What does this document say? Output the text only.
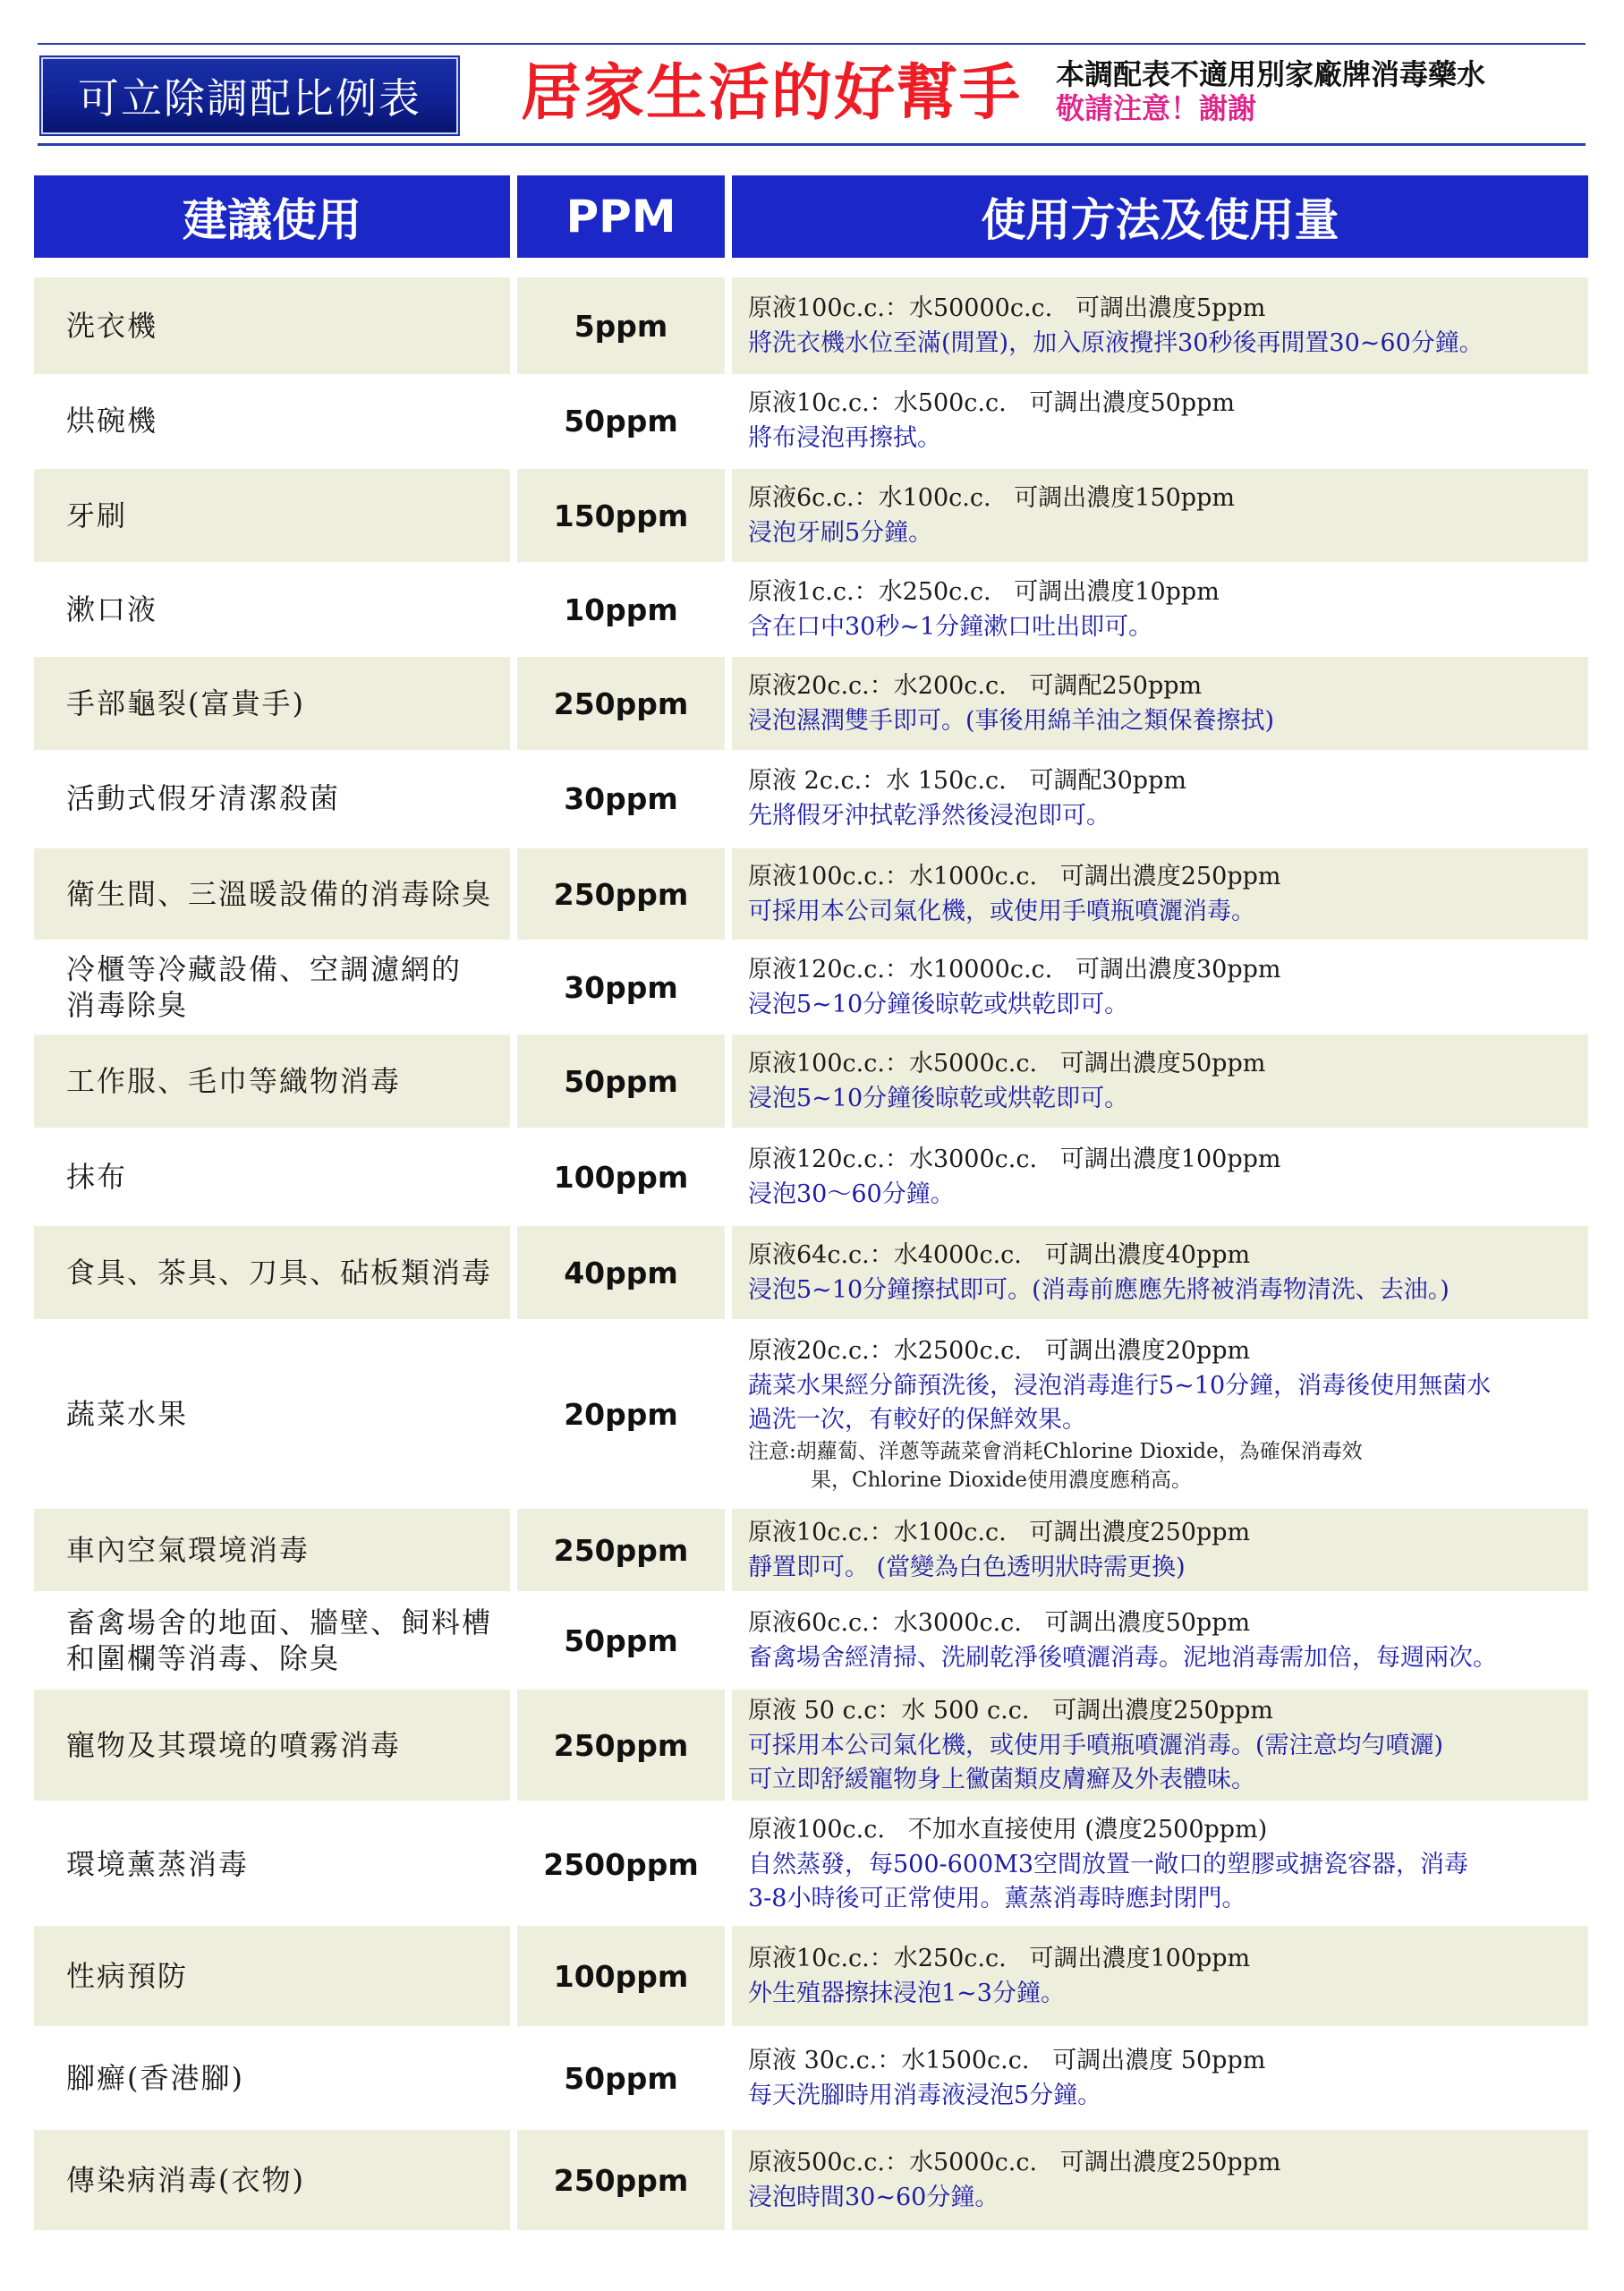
可立除調配比例表	居家生活的好幫手 本調配表不適用別家廠牌消毒藥水
敬請注意！謝謝
建議使用	PPM	使用方法及使用量
洗衣機	5ppm	原液100c.c.：水50000c.c.   可調出濃度5ppm
將洗衣機水位至滿(閒置)，加入原液攪拌30秒後再閒置30~60分鐘。
烘碗機	50ppm	原液10c.c.：水500c.c.   可調出濃度50ppm
將布浸泡再擦拭。
牙刷	150ppm	原液6c.c.：水100c.c.   可調出濃度150ppm
浸泡牙刷5分鐘。
漱口液	10ppm	原液1c.c.：水250c.c.   可調出濃度10ppm
含在口中30秒~1分鐘漱口吐出即可。
手部龜裂(富貴手)	250ppm	原液20c.c.：水200c.c.   可調配250ppm
浸泡濕潤雙手即可。(事後用綿羊油之類保養擦拭)
活動式假牙清潔殺菌	30ppm	原液 2c.c.：水 150c.c.   可調配30ppm
先將假牙沖拭乾淨然後浸泡即可。
衛生間、三溫暖設備的消毒除臭	250ppm	原液100c.c.：水1000c.c.   可調出濃度250ppm
可採用本公司氣化機，或使用手噴瓶噴灑消毒。
冷櫃等冷藏設備、空調濾網的
消毒除臭
30ppm	原液120c.c.：水10000c.c.   可調出濃度30ppm
浸泡5~10分鐘後晾乾或烘乾即可。
工作服、毛巾等織物消毒	50ppm	原液100c.c.：水5000c.c.   可調出濃度50ppm
浸泡5~10分鐘後晾乾或烘乾即可。
抹布	100ppm	原液120c.c.：水3000c.c.   可調出濃度100ppm
浸泡30～60分鐘。
食具、茶具、刀具、砧板類消毒	40ppm	原液64c.c.：水4000c.c.   可調出濃度40ppm
浸泡5~10分鐘擦拭即可。(消毒前應應先將被消毒物清洗、去油。)
蔬菜水果	20ppm
原液20c.c.：水2500c.c.   可調出濃度20ppm
蔬菜水果經分篩預洗後，浸泡消毒進行5~10分鐘，消毒後使用無菌水
過洗一次，有較好的保鮮效果。
注意:胡蘿蔔、洋蔥等蔬菜會消耗Chlorine Dioxide，為確保消毒效
果，Chlorine Dioxide使用濃度應稍高。
車內空氣環境消毒	250ppm	原液10c.c.：水100c.c.   可調出濃度250ppm
靜置即可。 (當變為白色透明狀時需更換)
畜禽場舍的地面、牆壁、飼料槽
和圍欄等消毒、除臭
50ppm	原液60c.c.：水3000c.c.   可調出濃度50ppm
畜禽場舍經清掃、洗刷乾淨後噴灑消毒。泥地消毒需加倍，每週兩次。
寵物及其環境的噴霧消毒	250ppm
原液 50 c.c：水 500 c.c.   可調出濃度250ppm
可採用本公司氣化機，或使用手噴瓶噴灑消毒。(需注意均勻噴灑)
可立即舒緩寵物身上黴菌類皮膚癬及外表體味。
環境薰蒸消毒	2500ppm
原液100c.c.   不加水直接使用 (濃度2500ppm)
自然蒸發，每500-600M3空間放置一敞口的塑膠或搪瓷容器，消毒
3-8小時後可正常使用。薰蒸消毒時應封閉門。
性病預防	100ppm	原液10c.c.：水250c.c.   可調出濃度100ppm
外生殖器擦抹浸泡1~3分鐘。
腳癬(香港腳)	50ppm	原液 30c.c.：水1500c.c.   可調出濃度 50ppm
每天洗腳時用消毒液浸泡5分鐘。
傳染病消毒(衣物)	250ppm	原液500c.c.：水5000c.c.   可調出濃度250ppm
浸泡時間30~60分鐘。
